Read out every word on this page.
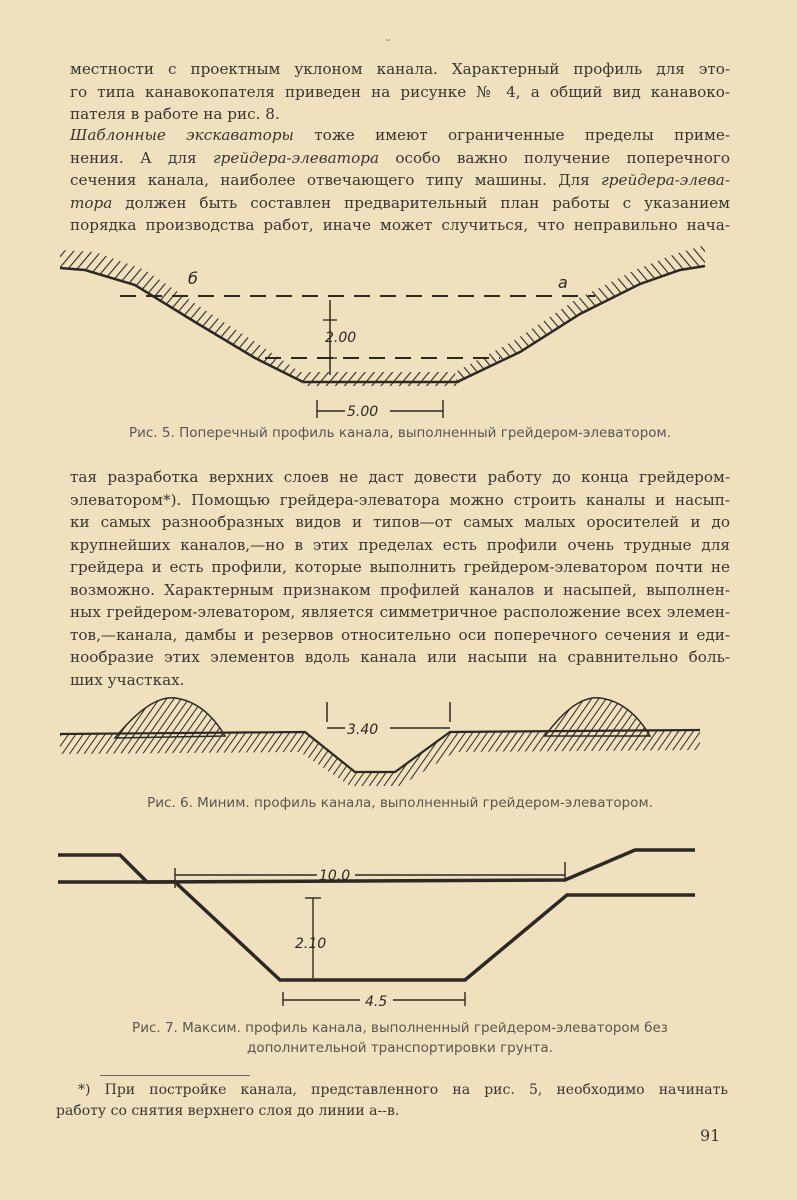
ᵕ

местности с проектным уклоном канала. Характерный профиль для это-
го типа канавокопателя приведен на рисунке № 4, а общий вид канавоко-
пателя в работе на рис. 8.

Шаблонные экскаваторы тоже имеют ограниченные пределы приме-
нения. А для грейдера-элеватора особо важно получение поперечного
сечения канала, наиболее отвечающего типу машины. Для грейдера-элева-
тора должен быть составлен предварительный план работы с указанием
порядка производства работ, иначе может случиться, что неправильно нача-

2.00
б	а
5.00

Рис. 5. Поперечный профиль канала, выполненный грейдером-элеватором.

тая разработка верхних слоев не даст довести работу до конца грейдером-
элеватором*). Помощью грейдера-элеватора можно строить каналы и насып-
ки самых разнообразных видов и типов—от самых малых оросителей и до
крупнейших каналов,—но в этих пределах есть профили очень трудные для
грейдера и есть профили, которые выполнить грейдером-элеватором почти не
возможно. Характерным признаком профилей каналов и насыпей, выполнен-
ных грейдером-элеватором, является симметричное расположение всех элемен-
тов,—канала, дамбы и резервов относительно оси поперечного сечения и еди-
нообразие этих элементов вдоль канала или насыпи на сравнительно боль-
ших участках.

3.40

Рис. 6. Миним. профиль канала, выполненный грейдером-элеватором.

10.0
2.10
4.5

Рис. 7. Максим. профиль канала, выполненный грейдером-элеватором без
дополнительной транспортировки грунта.

*) При постройке канала, представленного на рис. 5, необходимо начинать
работу со снятия верхнего слоя до линии а--в.

91
